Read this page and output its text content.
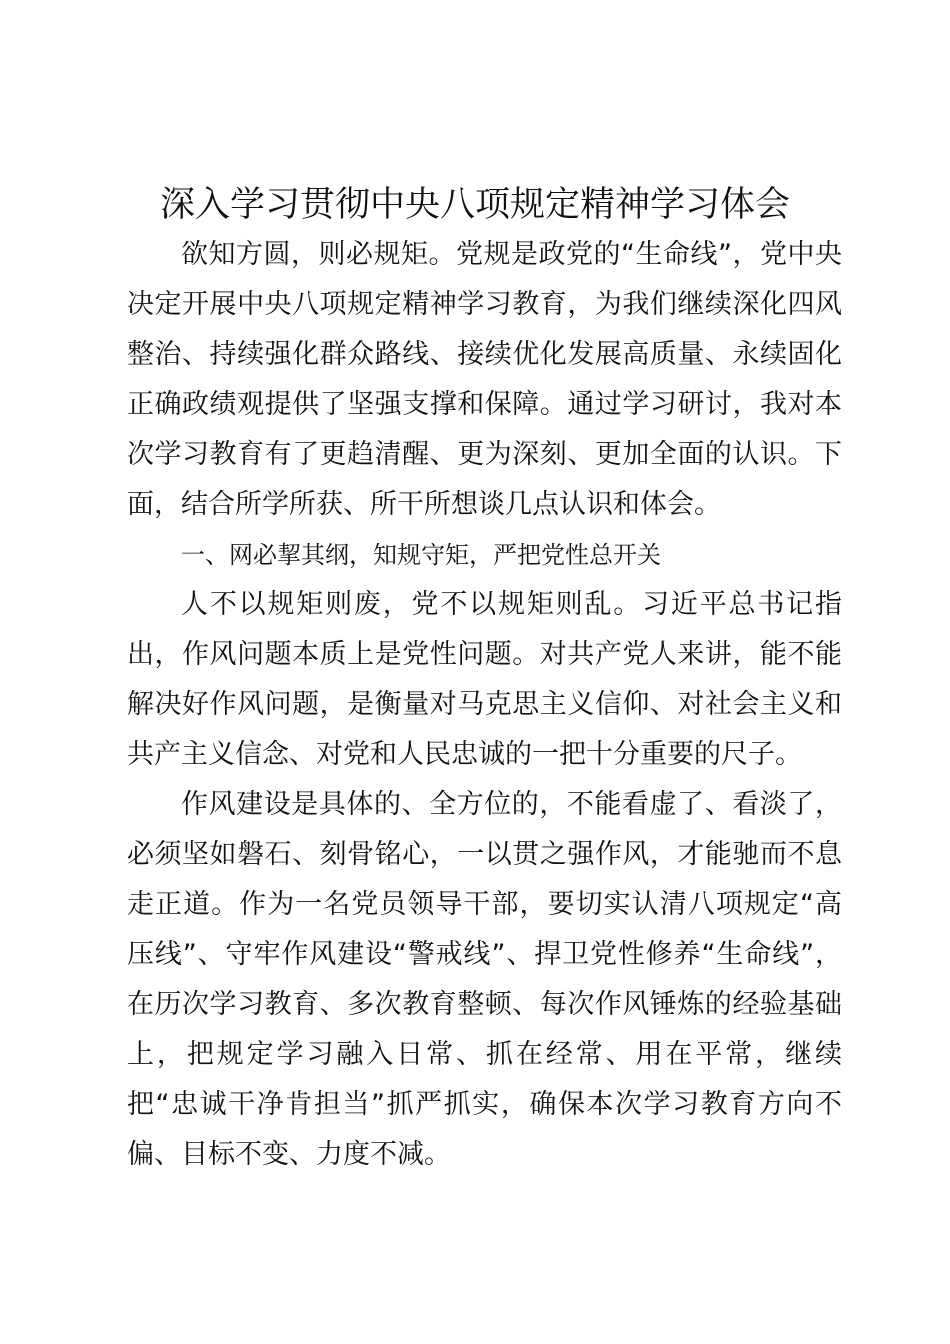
深入学习贯彻中央八项规定精神学习体会

欲知方圆，则必规矩。党规是政党的“生命线”，党中央决定开展中央八项规定精神学习教育，为我们继续深化四风整治、持续强化群众路线、接续优化发展高质量、永续固化正确政绩观提供了坚强支撑和保障。通过学习研讨，我对本次学习教育有了更趋清醒、更为深刻、更加全面的认识。下面，结合所学所获、所干所想谈几点认识和体会。

一、网必挈其纲，知规守矩，严把党性总开关

人不以规矩则废，党不以规矩则乱。习近平总书记指出，作风问题本质上是党性问题。对共产党人来讲，能不能解决好作风问题，是衡量对马克思主义信仰、对社会主义和共产主义信念、对党和人民忠诚的一把十分重要的尺子。

作风建设是具体的、全方位的，不能看虚了、看淡了，必须坚如磐石、刻骨铭心，一以贯之强作风，才能驰而不息走正道。作为一名党员领导干部，要切实认清八项规定“高压线”、守牢作风建设“警戒线”、捍卫党性修养“生命线”，在历次学习教育、多次教育整顿、每次作风锤炼的经验基础上，把规定学习融入日常、抓在经常、用在平常，继续把“忠诚干净肯担当”抓严抓实，确保本次学习教育方向不偏、目标不变、力度不减。
